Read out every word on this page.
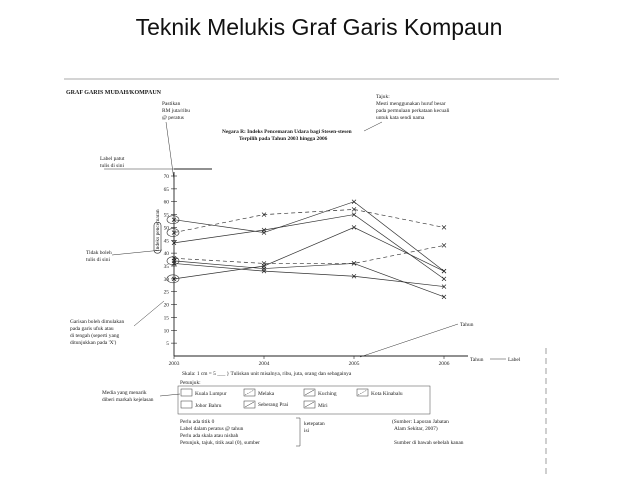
Teknik Melukis Graf Garis Kompaun
GRAF GARIS MUDAH/KOMPAUN
Pastikan
RM juta/ribu
@ peratus
Tajuk:
Mesti menggunakan huruf besar
pada permulaan perkataan kecuali
untuk kata sendi nama
Negara R: Indeks Pencemaran Udara bagi Stesen-stesen
Terpilih pada Tahun 2003 hingga 2006
Label patut
tulis di sini
Tidak boleh
tulis di sini
Garisan boleh dimulakan
pada garis ufuk atau
di tengah (seperti yang
ditunjukkan pada 'X')
Tahun
5
10
15
20
25
30
35
40
45
50
55
60
65
70
2003	2004	2005	2006
Indeks pencemaran
Tahun	Label
Skala: 1 cm = 5 ___ } Tuliskan unit misalnya, ribu, juta, orang dan sebagainya
Media yang menarik
diberi markah kejelasan
Petunjuk:
Kuala Lumpur	Melaka	Kuching	Kota Kinabalu
Johor Bahru	Seberang Prai	Miri
Perlu ada titik 0
Label dalam peratus @ tahun
Perlu ada skala atau nisbah
Petunjuk, tajuk, titik asal (0), sumber
ketepatan
isi
(Sumber: Laporan Jabatan
Alam Sekitar, 2007)
Sumber di bawah sebelah kanan
